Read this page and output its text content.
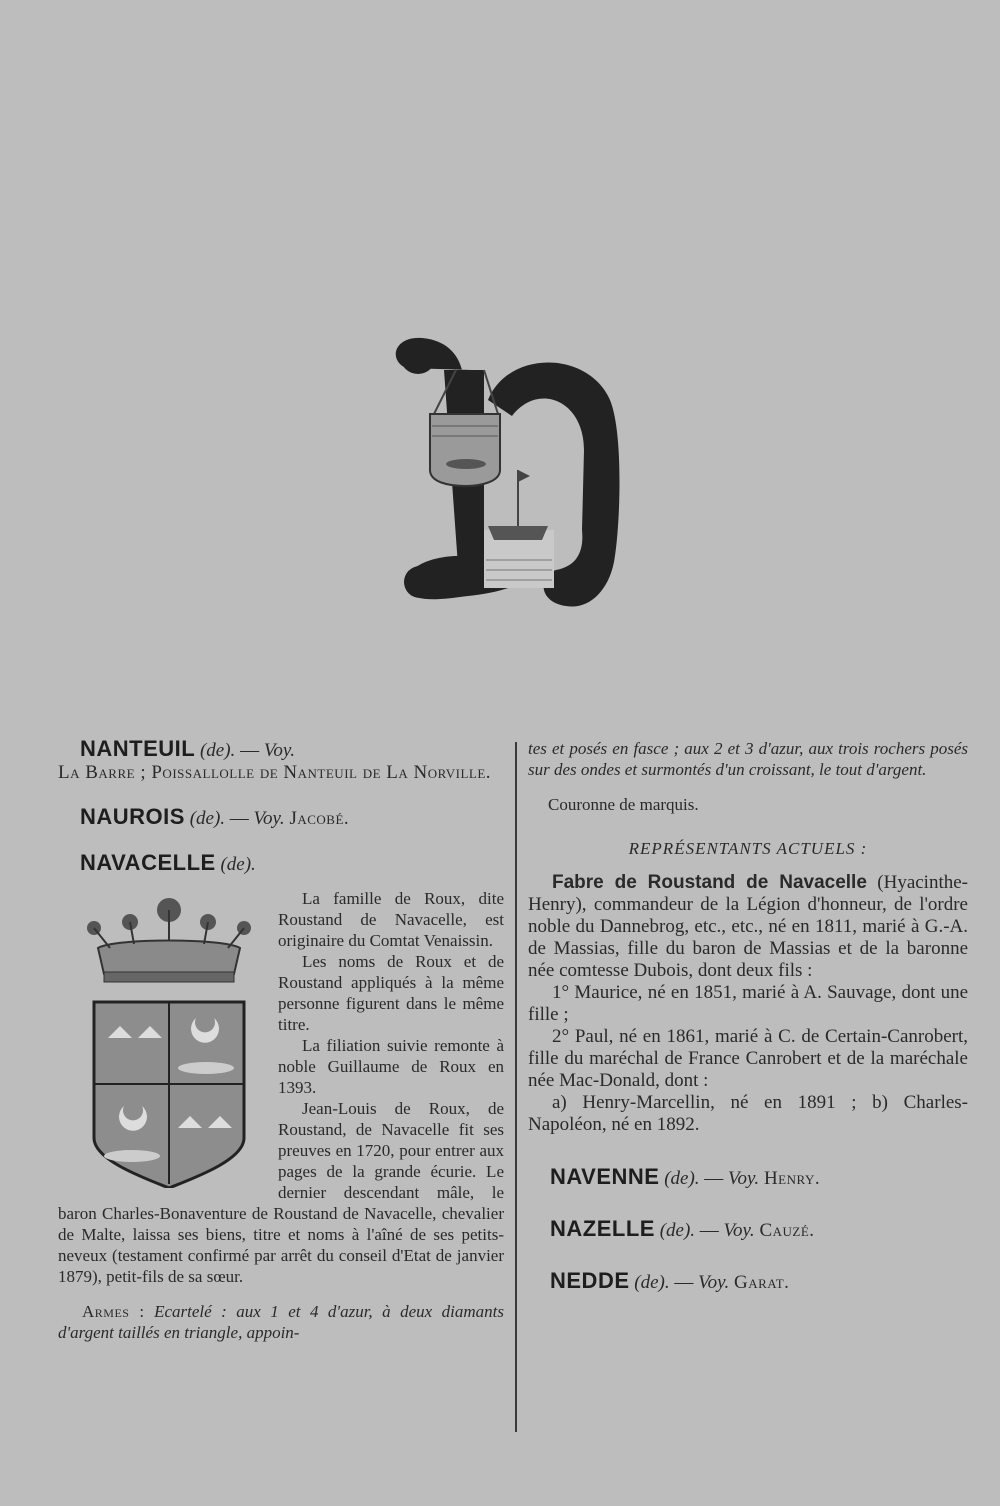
NANTEUIL (de). — Voy.

La Barre ; Poissallolle de Nanteuil de La Norville.

NAUROIS (de). — Voy. Jacobé.

NAVACELLE (de).

La famille de Roux, dite Roustand de Navacelle, est originaire du Comtat Venaissin.

Les noms de Roux et de Roustand appliqués à la même personne figurent dans le même titre.

La filiation suivie remonte à noble Guillaume de Roux en 1393.

Jean-Louis de Roux, de Roustand, de Navacelle fit ses preuves en 1720, pour entrer aux pages de la grande écurie. Le dernier descendant mâle, le baron Charles-Bonaventure de Roustand de Navacelle, chevalier de Malte, laissa ses biens, titre et noms à l'aîné de ses petits-neveux (testament confirmé par arrêt du conseil d'Etat de janvier 1879), petit-fils de sa sœur.

Armes : Ecartelé : aux 1 et 4 d'azur, à deux diamants d'argent taillés en triangle, appoin-

tes et posés en fasce ; aux 2 et 3 d'azur, aux trois rochers posés sur des ondes et surmontés d'un croissant, le tout d'argent.

Couronne de marquis.

REPRÉSENTANTS ACTUELS :

Fabre de Roustand de Navacelle (Hyacinthe-Henry), commandeur de la Légion d'honneur, de l'ordre noble du Dannebrog, etc., etc., né en 1811, marié à G.-A. de Massias, fille du baron de Massias et de la baronne née comtesse Dubois, dont deux fils :

1° Maurice, né en 1851, marié à A. Sauvage, dont une fille ;

2° Paul, né en 1861, marié à C. de Certain-Canrobert, fille du maréchal de France Canrobert et de la maréchale née Mac-Donald, dont :

a) Henry-Marcellin, né en 1891 ; b) Charles-Napoléon, né en 1892.

NAVENNE (de). — Voy. Henry.

NAZELLE (de). — Voy. Cauzé.

NEDDE (de). — Voy. Garat.
